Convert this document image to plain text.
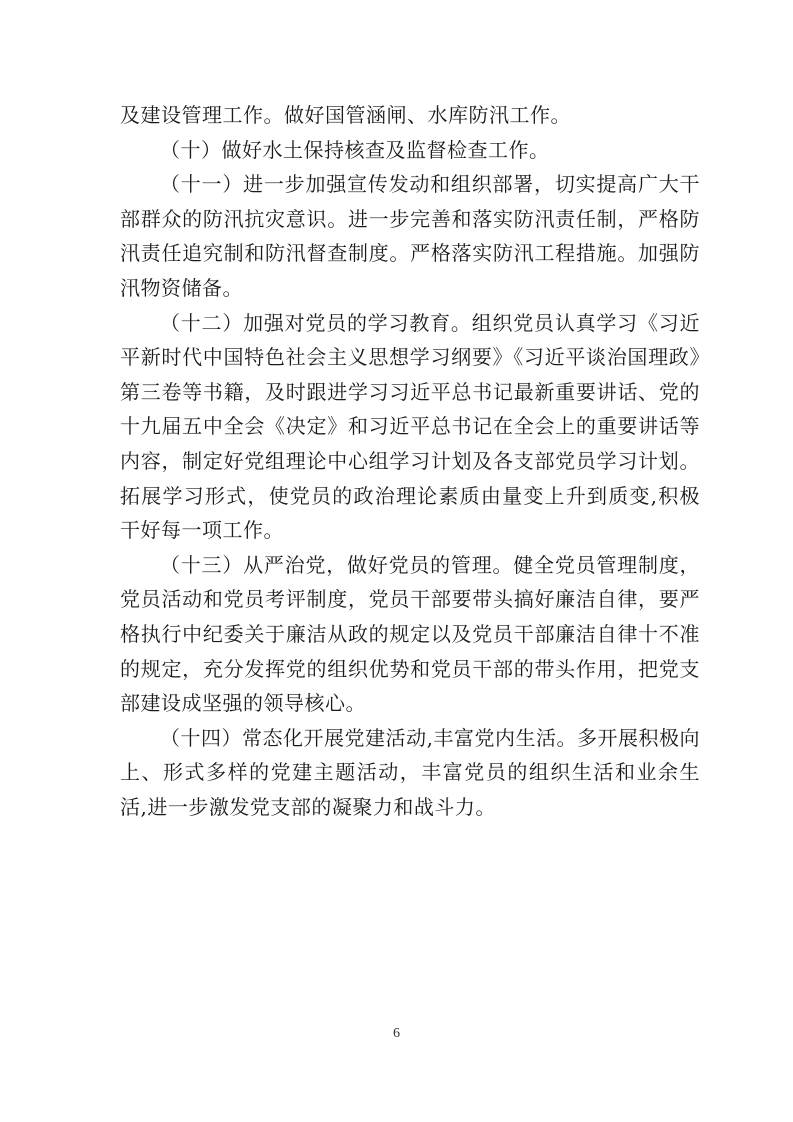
及建设管理工作。做好国管涵闸、水库防汛工作。

（十）做好水土保持核查及监督检查工作。

（十一）进一步加强宣传发动和组织部署，切实提高广大干部群众的防汛抗灾意识。进一步完善和落实防汛责任制，严格防汛责任追究制和防汛督查制度。严格落实防汛工程措施。加强防汛物资储备。

（十二）加强对党员的学习教育。组织党员认真学习《习近平新时代中国特色社会主义思想学习纲要》《习近平谈治国理政》第三卷等书籍，及时跟进学习习近平总书记最新重要讲话、党的十九届五中全会《决定》和习近平总书记在全会上的重要讲话等内容，制定好党组理论中心组学习计划及各支部党员学习计划。拓展学习形式，使党员的政治理论素质由量变上升到质变,积极干好每一项工作。

（十三）从严治党，做好党员的管理。健全党员管理制度，党员活动和党员考评制度，党员干部要带头搞好廉洁自律，要严格执行中纪委关于廉洁从政的规定以及党员干部廉洁自律十不准的规定，充分发挥党的组织优势和党员干部的带头作用，把党支部建设成坚强的领导核心。

（十四）常态化开展党建活动,丰富党内生活。多开展积极向上、形式多样的党建主题活动，丰富党员的组织生活和业余生活,进一步激发党支部的凝聚力和战斗力。

6
